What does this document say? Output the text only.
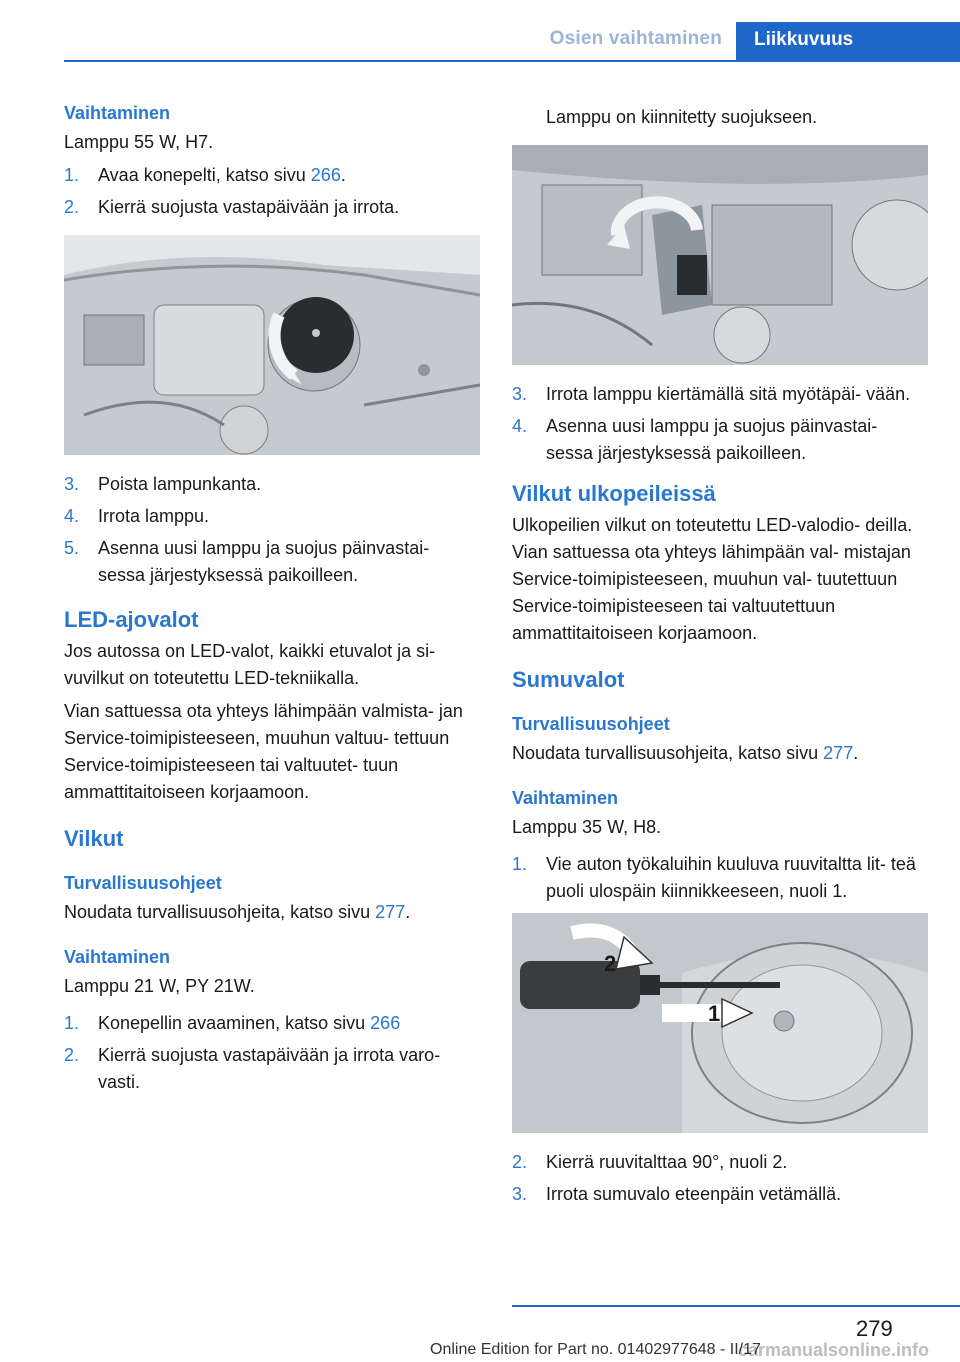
Osien vaihtaminen	Liikkuvuus
Vaihtaminen

Lamppu 55 W, H7.

1. Avaa konepelti, katso sivu 266.
2. Kierrä suojusta vastapäivään ja irrota.
3. Poista lampunkanta.
4. Irrota lamppu.
5. Asenna uusi lamppu ja suojus päinvastai‐ sessa järjestyksessä paikoilleen.
LED-ajovalot

Jos autossa on LED-valot, kaikki etuvalot ja si‐ vuvilkut on toteutettu LED-tekniikalla.

Vian sattuessa ota yhteys lähimpään valmista‐ jan Service-toimipisteeseen, muuhun valtuu‐ tettuun Service-toimipisteeseen tai valtuutet‐ tuun ammattitaitoiseen korjaamoon.

Vilkut
Turvallisuusohjeet

Noudata turvallisuusohjeita, katso sivu 277.

Vaihtaminen

Lamppu 21 W, PY 21W.

1. Konepellin avaaminen, katso sivu 266
2. Kierrä suojusta vastapäivään ja irrota varo‐ vasti.

Lamppu on kiinnitetty suojukseen.

3. Irrota lamppu kiertämällä sitä myötäpäi‐ vään.
4. Asenna uusi lamppu ja suojus päinvastai‐ sessa järjestyksessä paikoilleen.
Vilkut ulkopeileissä

Ulkopeilien vilkut on toteutettu LED-valodio‐ deilla. Vian sattuessa ota yhteys lähimpään val‐ mistajan Service-toimipisteeseen, muuhun val‐ tuutettuun Service-toimipisteeseen tai valtuutettuun ammattitaitoiseen korjaamoon.

Sumuvalot
Turvallisuusohjeet

Noudata turvallisuusohjeita, katso sivu 277.

Vaihtaminen

Lamppu 35 W, H8.

1. Vie auton työkaluihin kuuluva ruuvitaltta lit‐ teä puoli ulospäin kiinnikkeeseen, nuoli 1.
2
1
2. Kierrä ruuvitalttaa 90°, nuoli 2.
3. Irrota sumuvalo eteenpäin vetämällä.
279
carmanualsonline.info
Online Edition for Part no. 01402977648 - II/17
